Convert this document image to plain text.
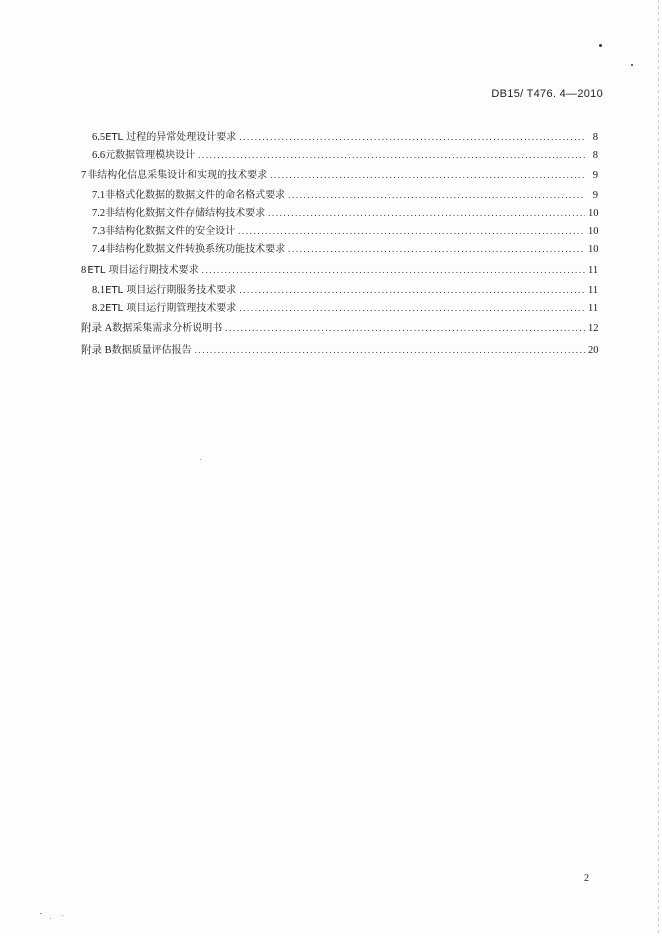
DB15/ T476. 4—2010
6.5 ETL 过程的异常处理设计要求 .....	8
6.6 元数据管理模块设计 .....	8
7 非结构化信息采集设计和实现的技术要求 .....	9
7.1 非格式化数据的数据文件的命名格式要求 .....	9
7.2 非结构化数据文件存储结构技术要求 .....	10
7.3 非结构化数据文件的安全设计 .....	10
7.4 非结构化数据文件转换系统功能技术要求 .....	10
8 ETL 项目运行期技术要求 .....	11
8.1 ETL 项目运行期服务技术要求 .....	11
8.2 ETL 项目运行期管理技术要求 .....	11
附录 A 数据采集需求分析说明书 .....	12
附录 B 数据质量评估报告 .....	20
2
